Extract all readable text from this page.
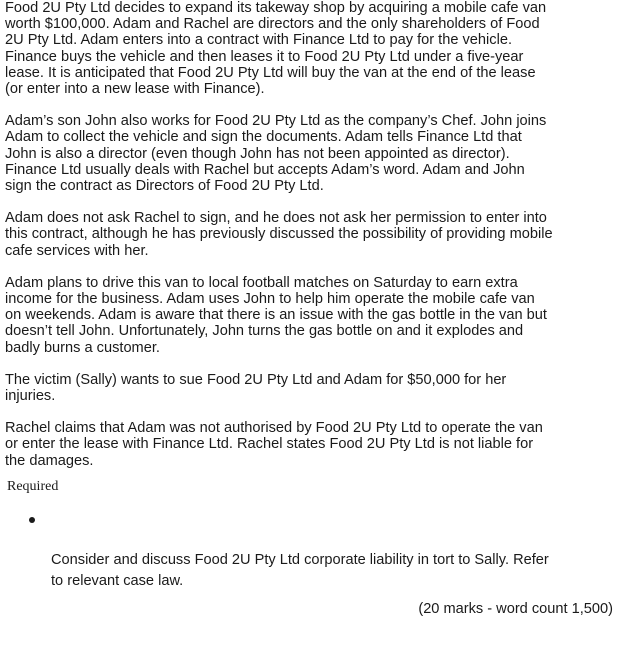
Food 2U Pty Ltd decides to expand its takeway shop by acquiring a mobile cafe van
worth $100,000. Adam and Rachel are directors and the only shareholders of Food
2U Pty Ltd. Adam enters into a contract with Finance Ltd to pay for the vehicle.
Finance buys the vehicle and then leases it to Food 2U Pty Ltd under a five-year
lease. It is anticipated that Food 2U Pty Ltd will buy the van at the end of the lease
(or enter into a new lease with Finance).

Adam’s son John also works for Food 2U Pty Ltd as the company’s Chef. John joins
Adam to collect the vehicle and sign the documents. Adam tells Finance Ltd that
John is also a director (even though John has not been appointed as director).
Finance Ltd usually deals with Rachel but accepts Adam’s word. Adam and John
sign the contract as Directors of Food 2U Pty Ltd.

Adam does not ask Rachel to sign, and he does not ask her permission to enter into
this contract, although he has previously discussed the possibility of providing mobile
cafe services with her.

Adam plans to drive this van to local football matches on Saturday to earn extra
income for the business. Adam uses John to help him operate the mobile cafe van
on weekends. Adam is aware that there is an issue with the gas bottle in the van but
doesn’t tell John. Unfortunately, John turns the gas bottle on and it explodes and
badly burns a customer.

The victim (Sally) wants to sue Food 2U Pty Ltd and Adam for $50,000 for her
injuries.

Rachel claims that Adam was not authorised by Food 2U Pty Ltd to operate the van
or enter the lease with Finance Ltd. Rachel states Food 2U Pty Ltd is not liable for
the damages.

Required

Consider and discuss Food 2U Pty Ltd corporate liability in tort to Sally. Refer
to relevant case law.

(20 marks - word count 1,500)
